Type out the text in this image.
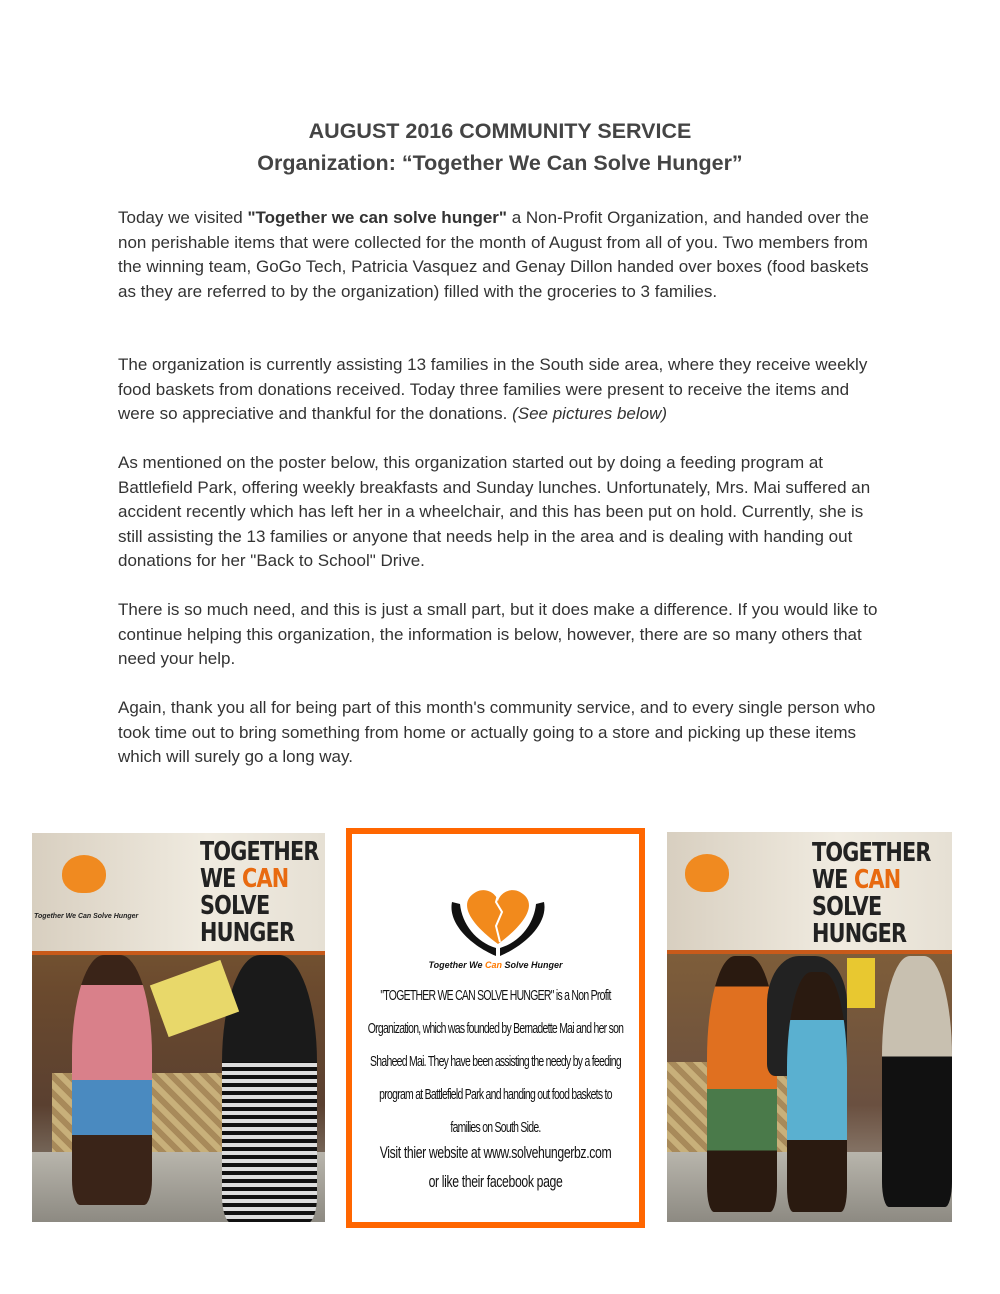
AUGUST 2016 COMMUNITY SERVICE
Organization: “Together We Can Solve Hunger”

Today we visited "Together we can solve hunger" a Non-Profit Organization, and handed over the non perishable items that were collected for the month of August from all of you. Two members from the winning team, GoGo Tech, Patricia Vasquez and Genay Dillon handed over boxes (food baskets as they are referred to by the organization) filled with the groceries to 3 families.

The organization is currently assisting 13 families in the South side area, where they receive weekly food baskets from donations received. Today three families were present to receive the items and were so appreciative and thankful for the donations. (See pictures below)

As mentioned on the poster below, this organization started out by doing a feeding program at Battlefield Park, offering weekly breakfasts and Sunday lunches. Unfortunately, Mrs. Mai suffered an accident recently which has left her in a wheelchair, and this has been put on hold. Currently, she is still assisting the 13 families or anyone that needs help in the area and is dealing with handing out donations for her "Back to School" Drive.

There is so much need, and this is just a small part, but it does make a difference. If you would like to continue helping this organization, the information is below, however, there are so many others that need your help.

Again, thank you all for being part of this month's community service, and to every single person who took time out to bring something from home or actually going to a store and picking up these items which will surely go a long way.

Together We Can Solve Hunger
TOGETHER
WE CAN
SOLVE
HUNGER
Together We Can Solve Hunger
"TOGETHER WE CAN SOLVE HUNGER" is a Non Profit Organization, which was founded by Bernadette Mai and her son Shaheed Mai. They have been assisting the needy by a feeding program at Battlefield Park and handing out food baskets to families on South Side.
Visit thier website at www.solvehungerbz.com
or like their facebook page
TOGETHER
WE CAN
SOLVE
HUNGER
